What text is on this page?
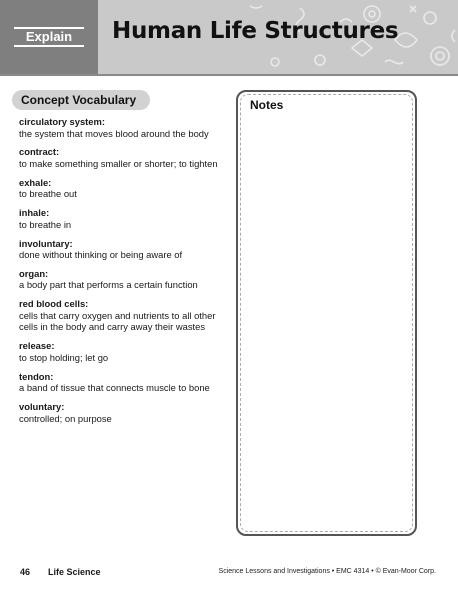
Explain	Human Life Structures
Concept Vocabulary
circulatory system:
the system that moves blood around the body
contract:
to make something smaller or shorter; to tighten
exhale:
to breathe out
inhale:
to breathe in
involuntary:
done without thinking or being aware of
organ:
a body part that performs a certain function
red blood cells:
cells that carry oxygen and nutrients to all other cells in the body and carry away their wastes
release:
to stop holding; let go
tendon:
a band of tissue that connects muscle to bone
voluntary:
controlled; on purpose
Notes
46 Life Science	Science Lessons and Investigations • EMC 4314 • © Evan-Moor Corp.
